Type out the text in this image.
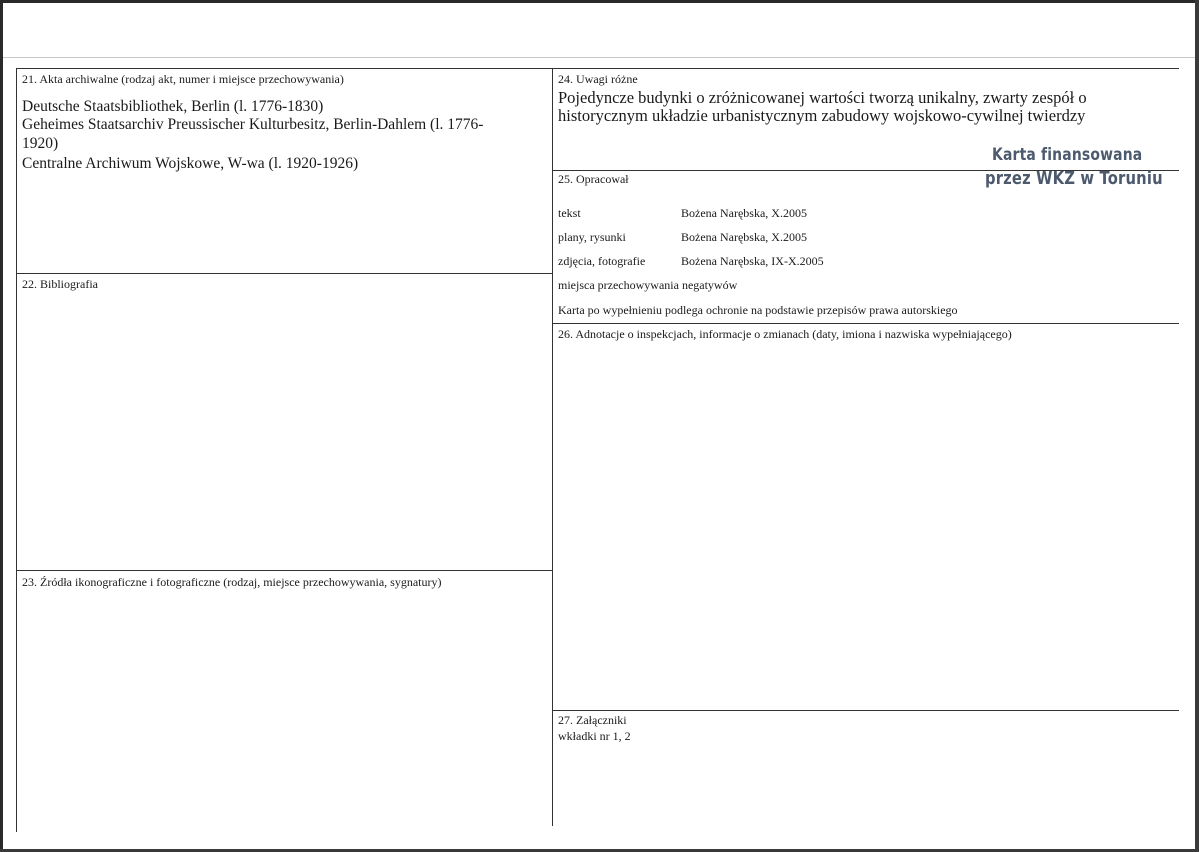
21. Akta archiwalne (rodzaj akt, numer i miejsce przechowywania)
Deutsche Staatsbibliothek, Berlin (l. 1776-1830)
Geheimes Staatsarchiv Preussischer Kulturbesitz, Berlin-Dahlem (l. 1776-
1920)
Centralne Archiwum Wojskowe, W-wa (l. 1920-1926)
22. Bibliografia
23. Źródła ikonograficzne i fotograficzne (rodzaj, miejsce przechowywania, sygnatury)
24. Uwagi różne
Pojedyncze budynki o zróżnicowanej wartości tworzą unikalny, zwarty zespół o
historycznym układzie urbanistycznym zabudowy wojskowo-cywilnej twierdzy
Karta finansowana
przez WKZ w Toruniu
25. Opracował
tekst	Bożena Narębska, X.2005
plany, rysunki	Bożena Narębska, X.2005
zdjęcia, fotografie	Bożena Narębska, IX-X.2005
miejsca przechowywania negatywów
Karta po wypełnieniu podlega ochronie na podstawie przepisów prawa autorskiego
26. Adnotacje o inspekcjach, informacje o zmianach (daty, imiona i nazwiska wypełniającego)
27. Załączniki
wkładki nr 1, 2
